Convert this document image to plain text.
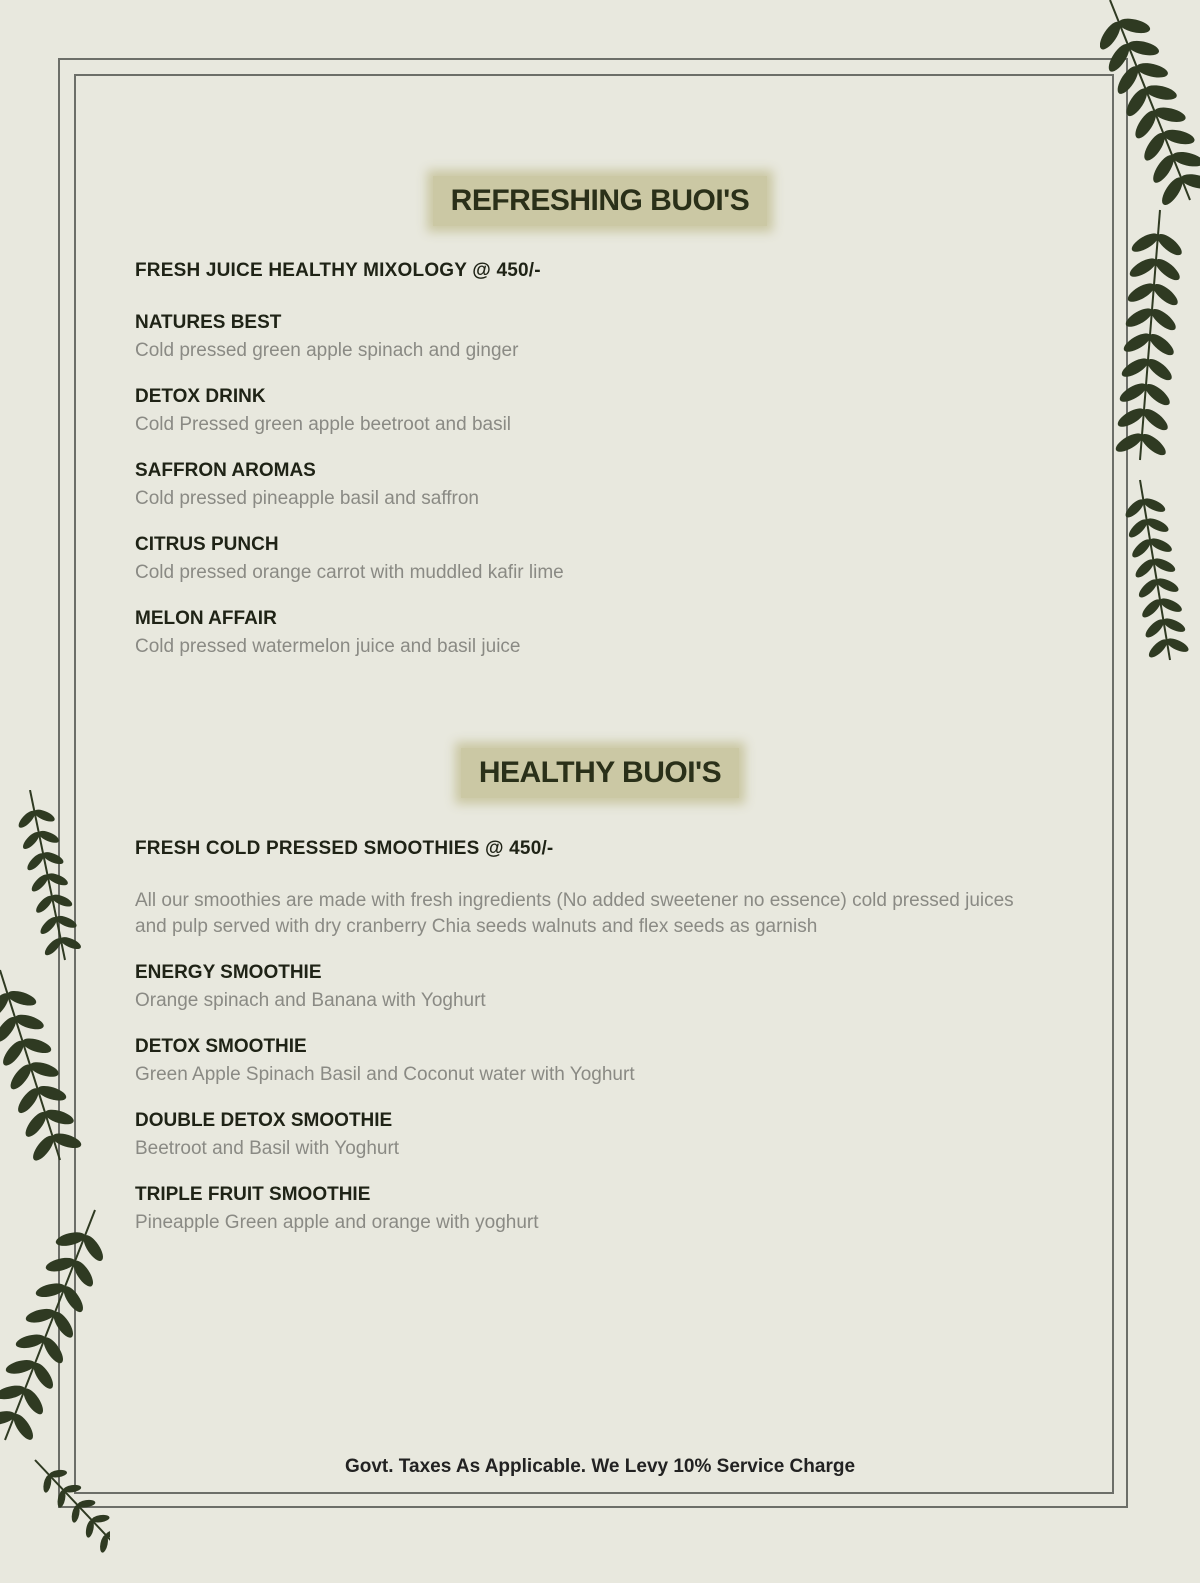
REFRESHING BUOI'S
FRESH JUICE HEALTHY MIXOLOGY @ 450/-
NATURES BEST
Cold pressed green apple spinach and ginger
DETOX DRINK
Cold Pressed green apple beetroot and basil
SAFFRON AROMAS
Cold pressed pineapple basil and saffron
CITRUS PUNCH
Cold pressed orange carrot with muddled kafir lime
MELON AFFAIR
Cold pressed watermelon juice and basil juice
HEALTHY BUOI'S
FRESH COLD PRESSED SMOOTHIES @ 450/-
All our smoothies are made with fresh ingredients (No added sweetener no essence) cold pressed juices and pulp served with dry cranberry Chia seeds walnuts and flex seeds as garnish
ENERGY SMOOTHIE
Orange spinach and Banana with Yoghurt
DETOX SMOOTHIE
Green Apple Spinach Basil and Coconut water with Yoghurt
DOUBLE DETOX SMOOTHIE
Beetroot and Basil with Yoghurt
TRIPLE FRUIT SMOOTHIE
Pineapple Green apple and orange with yoghurt
Govt. Taxes As Applicable. We Levy 10% Service Charge
